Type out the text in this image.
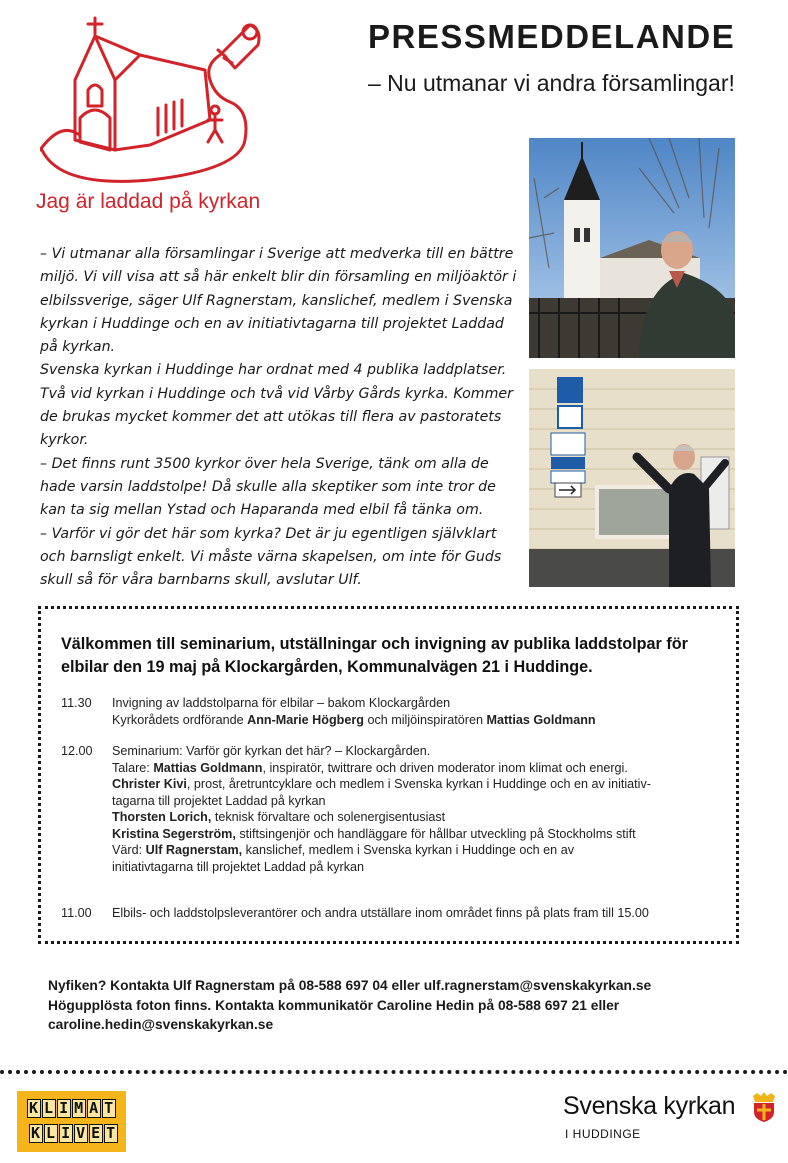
Jag är laddad på kyrkan
PRESSMEDDELANDE
– Nu utmanar vi andra församlingar!

– Vi utmanar alla församlingar i Sverige att medverka till en bättre miljö. Vi vill visa att så här enkelt blir din församling en miljöaktör i elbilssverige, säger Ulf Ragnerstam, kanslichef, medlem i Svenska kyrkan i Huddinge och en av initiativtagarna till projektet Laddad på kyrkan.

Svenska kyrkan i Huddinge har ordnat med 4 publika laddplatser. Två vid kyrkan i Huddinge och två vid Vårby Gårds kyrka. Kommer de brukas mycket kommer det att utökas till flera av pastoratets kyrkor.

– Det finns runt 3500 kyrkor över hela Sverige, tänk om alla de hade varsin laddstolpe! Då skulle alla skeptiker som inte tror de kan ta sig mellan Ystad och Haparanda med elbil få tänka om.

– Varför vi gör det här som kyrka? Det är ju egentligen självklart och barnsligt enkelt. Vi måste värna skapelsen, om inte för Guds skull så för våra barnbarns skull, avslutar Ulf.

Välkommen till seminarium, utställningar och invigning av publika laddstolpar för elbilar den 19 maj på Klockargården, Kommunalvägen 21 i Huddinge.
11.30	Invigning av laddstolparna för elbilar – bakom Klockargården
Kyrkorådets ordförande Ann-Marie Högberg och miljöinspiratören Mattias Goldmann
12.00	Seminarium: Varför gör kyrkan det här? – Klockargården.
Talare: Mattias Goldmann, inspiratör, twittrare och driven moderator inom klimat och energi.
Christer Kivi, prost, åretruntcyklare och medlem i Svenska kyrkan i Huddinge och en av initiativ-
tagarna till projektet Laddad på kyrkan
Thorsten Lorich, teknisk förvaltare och solenergisentusiast
Kristina Segerström, stiftsingenjör och handläggare för hållbar utveckling på Stockholms stift
Värd: Ulf Ragnerstam, kanslichef, medlem i Svenska kyrkan i Huddinge och en av
initiativtagarna till projektet Laddad på kyrkan
11.00	Elbils- och laddstolpsleverantörer och andra utställare inom området finns på plats fram till 15.00
Nyfiken? Kontakta Ulf Ragnerstam på 08-588 697 04 eller ulf.ragnerstam@svenskakyrkan.se
Högupplösta foton finns. Kontakta kommunikatör Caroline Hedin på 08-588 697 21 eller
caroline.hedin@svenskakyrkan.se
K L I M A T
K L I V E T
Svenska kyrkan
I HUDDINGE
